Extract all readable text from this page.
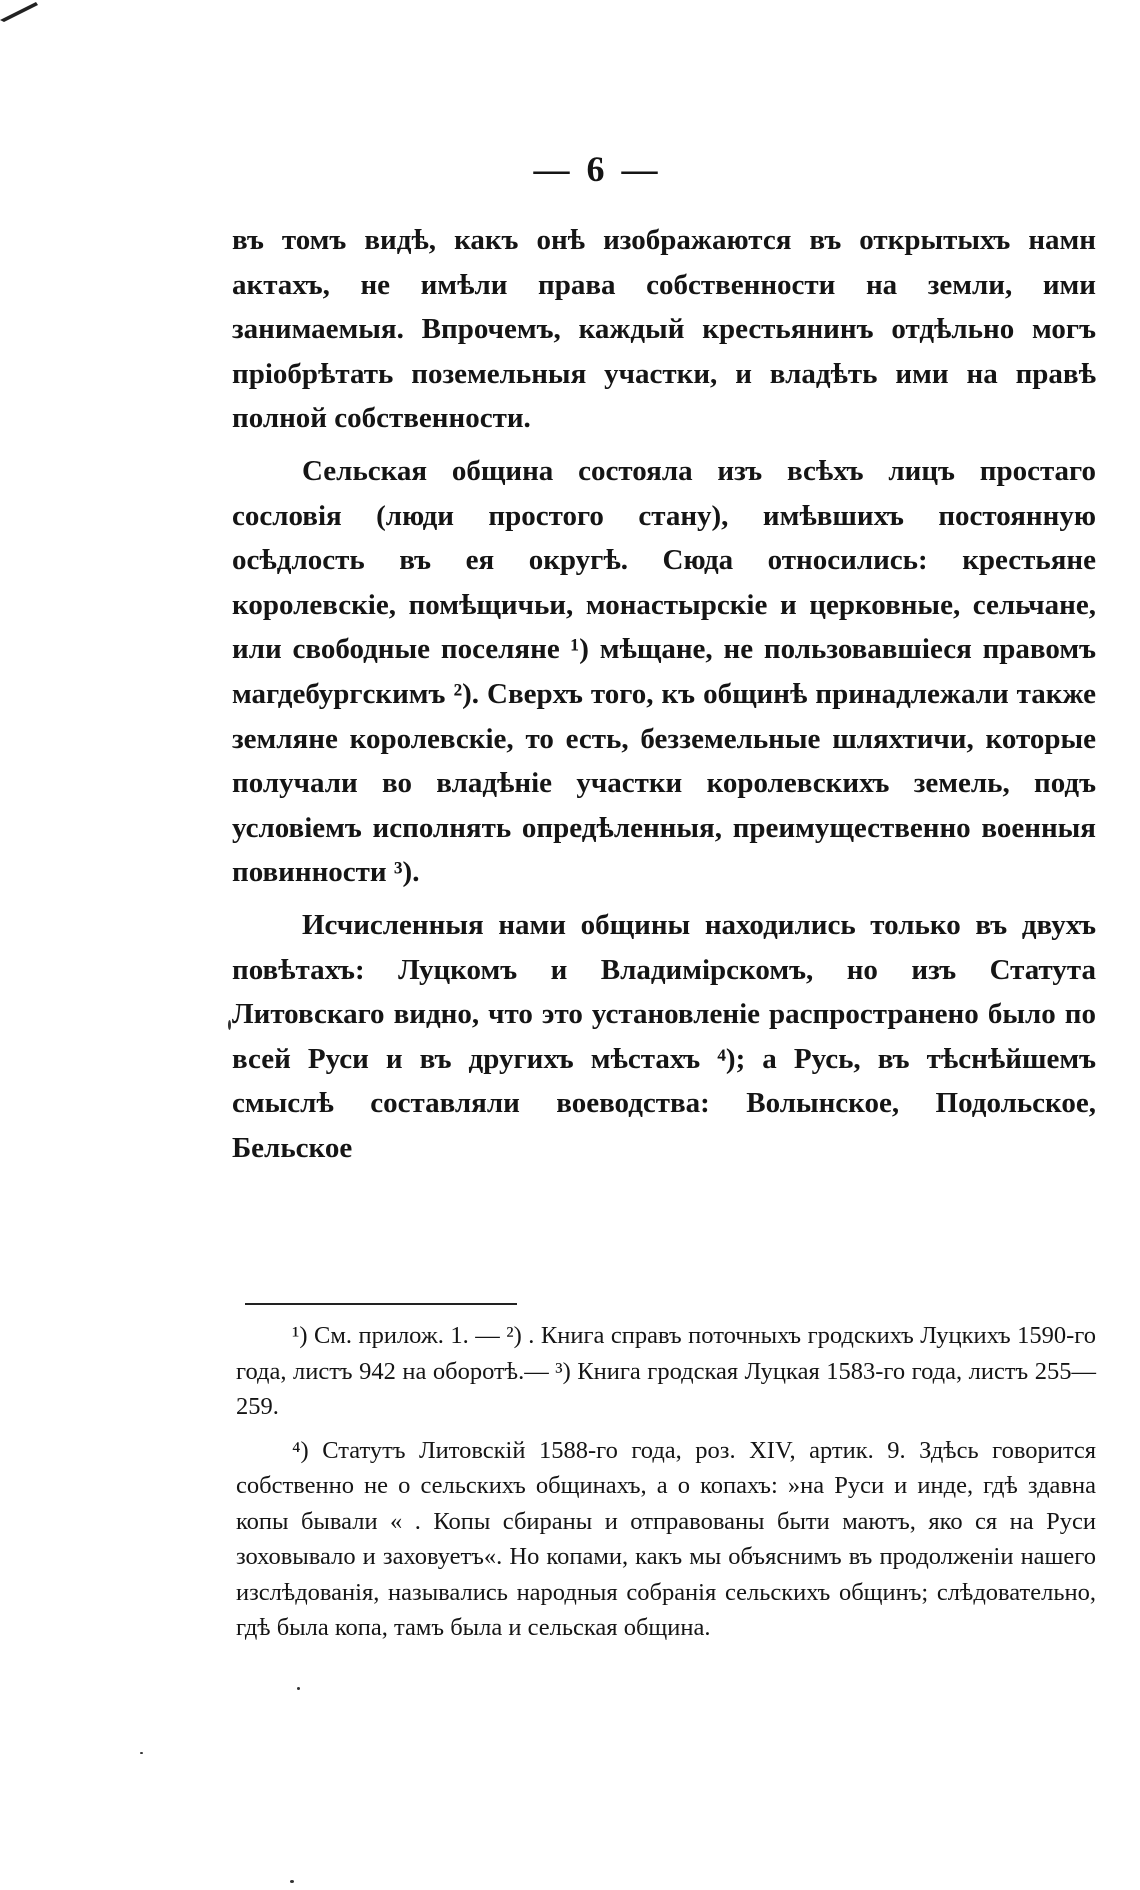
— 6 —

въ томъ видѣ, какъ онѣ изображаются въ открытыхъ намн актахъ, не имѣли права собственности на земли, ими занимаемыя. Впрочемъ, каждый крестьянинъ отдѣльно могъ пріобрѣтать поземельныя участки, и владѣть ими на правѣ полной собственности.

Сельская община состояла изъ всѣхъ лицъ простаго сословія (люди простого стану), имѣвшихъ постоянную осѣдлость въ ея округѣ. Сюда относились: крестьяне королевскіе, помѣщичьи, монастырскіе и церковные, сельчане, или свободные поселяне ¹) мѣщане, не пользовавшіеся правомъ магдебургскимъ ²). Сверхъ того, къ общинѣ принадлежали также земляне королевскіе, то есть, безземельные шляхтичи, которые получали во владѣніе участки королевскихъ земель, подъ условіемъ исполнять опредѣленныя, преимущественно военныя повинности ³).

Исчисленныя нами общины находились только въ двухъ повѣтахъ: Луцкомъ и Владимірскомъ, но изъ Статута Литовскаго видно, что это установленіе распространено было по всей Руси и въ другихъ мѣстахъ ⁴); а Русь, въ тѣснѣйшемъ смыслѣ составляли воеводства: Волынское, Подольское, Бельское

¹) См. прилож. 1. — ²) . Книга справъ поточныхъ гродскихъ Луцкихъ 1590-го года, листъ 942 на оборотѣ.— ³) Книга гродская Луцкая 1583-го года, листъ 255—259.

⁴) Статутъ Литовскій 1588-го года, роз. XIV, артик. 9. Здѣсь говорится собственно не о сельскихъ общинахъ, а о копахъ: »на Руси и инде, гдѣ здавна копы бывали « . Копы сбираны и отправованы быти маютъ, яко ся на Руси зоховывало и заховуетъ«. Но копами, какъ мы объяснимъ въ продолженіи нашего изслѣдованія, назывались народныя собранія сельскихъ общинъ; слѣдовательно, гдѣ была копа, тамъ была и сельская община.
